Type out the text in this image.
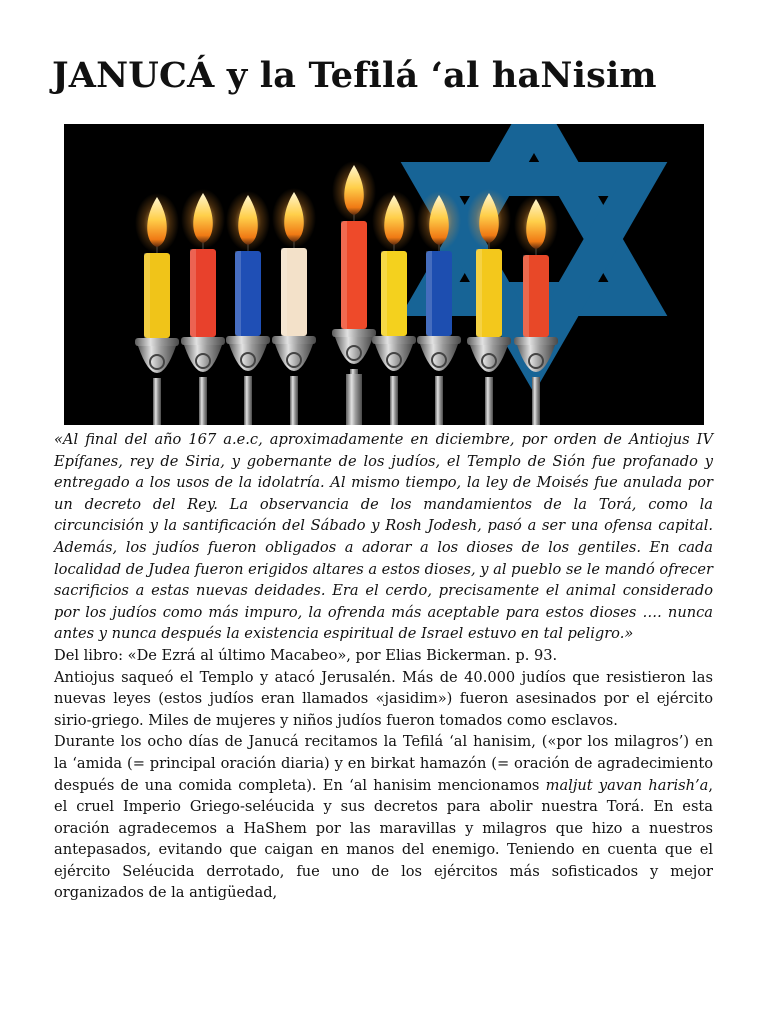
JANUCÁ y la Tefilá ‘al haNisim

«Al final del año 167 a.e.c, aproximadamente en diciembre, por orden de Antiojus IV Epífanes, rey de Siria, y gobernante de los judíos, el Templo de Sión fue profanado y entregado a los usos de la idolatría. Al mismo tiempo, la ley de Moisés fue anulada por un decreto del Rey. La observancia de los mandamientos de la Torá, como la circuncisión y la santificación del Sábado y Rosh Jodesh, pasó a ser una ofensa capital. Además, los judíos fueron obligados a adorar a los dioses de los gentiles. En cada localidad de Judea fueron erigidos altares a estos dioses, y al pueblo se le mandó ofrecer sacrificios a estas nuevas deidades. Era el cerdo, precisamente el animal considerado por los judíos como más impuro, la ofrenda más aceptable para estos dioses …. nunca antes y nunca después la existencia espiritual de Israel estuvo en tal peligro.»

Del libro: «De Ezrá al último Macabeo», por Elias Bickerman. p. 93.

Antiojus saqueó el Templo y atacó Jerusalén. Más de 40.000 judíos que resistieron las nuevas leyes (estos judíos eran llamados «jasidim») fueron asesinados por el ejército sirio-griego. Miles de mujeres y niños judíos fueron tomados como esclavos.

Durante los ocho días de Janucá recitamos la Tefilá ‘al hanisim, («por los milagros’) en la ‘amida (= principal oración diaria) y en birkat hamazón (= oración de agradecimiento después de una comida completa). En ‘al hanisim mencionamos maljut yavan harish’a, el cruel Imperio Griego-seléucida y sus decretos para abolir nuestra Torá. En esta oración agradecemos a HaShem por las maravillas y milagros que hizo a nuestros antepasados, evitando que caigan en manos del enemigo. Teniendo en cuenta que el ejército Seléucida derrotado, fue uno de los ejércitos más sofisticados y mejor organizados de la antigüedad,
